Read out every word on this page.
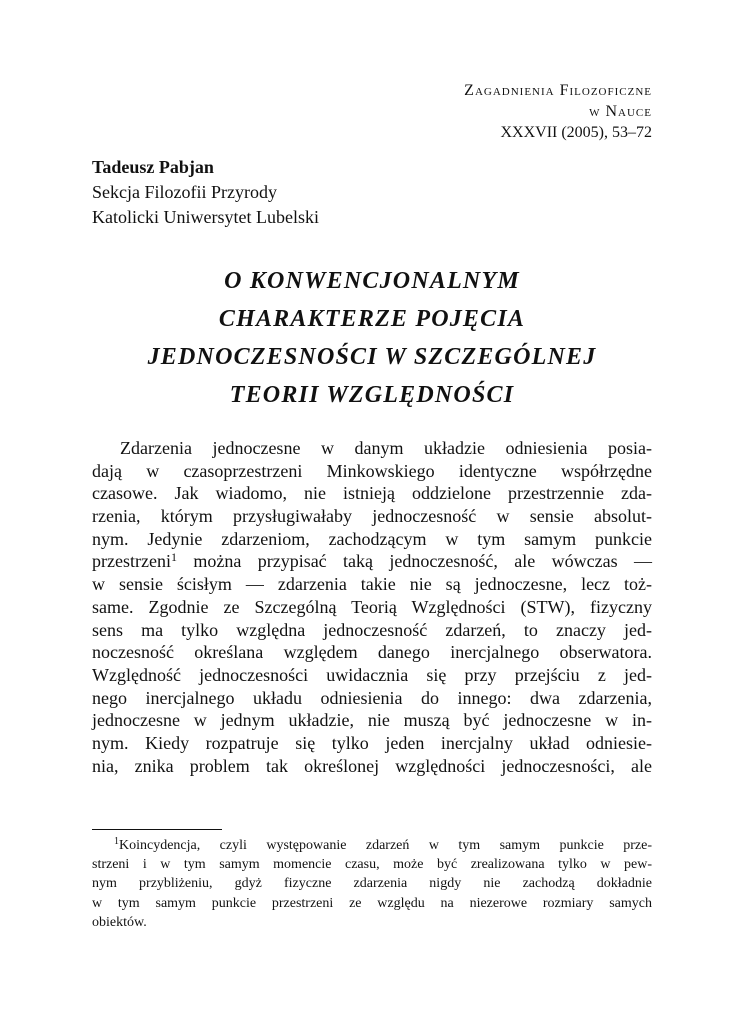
Zagadnienia Filozoficzne
w Nauce
XXXVII (2005), 53–72
Tadeusz Pabjan
Sekcja Filozofii Przyrody
Katolicki Uniwersytet Lubelski
O KONWENCJONALNYM
CHARAKTERZE POJĘCIA
JEDNOCZESNOŚCI W SZCZEGÓLNEJ
TEORII WZGLĘDNOŚCI
Zdarzenia jednoczesne w danym układzie odniesienia posia-
dają w czasoprzestrzeni Minkowskiego identyczne współrzędne
czasowe. Jak wiadomo, nie istnieją oddzielone przestrzennie zda-
rzenia, którym przysługiwałaby jednoczesność w sensie absolut-
nym. Jedynie zdarzeniom, zachodzącym w tym samym punkcie
przestrzeni$^1$ można przypisać taką jednoczesność, ale wówczas —
w sensie ścisłym — zdarzenia takie nie są jednoczesne, lecz toż-
same. Zgodnie ze Szczególną Teorią Względności (STW), fizyczny
sens ma tylko względna jednoczesność zdarzeń, to znaczy jed-
noczesność określana względem danego inercjalnego obserwatora.
Względność jednoczesności uwidacznia się przy przejściu z jed-
nego inercjalnego układu odniesienia do innego: dwa zdarzenia,
jednoczesne w jednym układzie, nie muszą być jednoczesne w in-
nym. Kiedy rozpatruje się tylko jeden inercjalny układ odniesie-
nia, znika problem tak określonej względności jednoczesności, ale
$^1$Koincydencja, czyli występowanie zdarzeń w tym samym punkcie prze-
strzeni i w tym samym momencie czasu, może być zrealizowana tylko w pew-
nym przybliżeniu, gdyż fizyczne zdarzenia nigdy nie zachodzą dokładnie
w tym samym punkcie przestrzeni ze względu na niezerowe rozmiary samych
obiektów.
